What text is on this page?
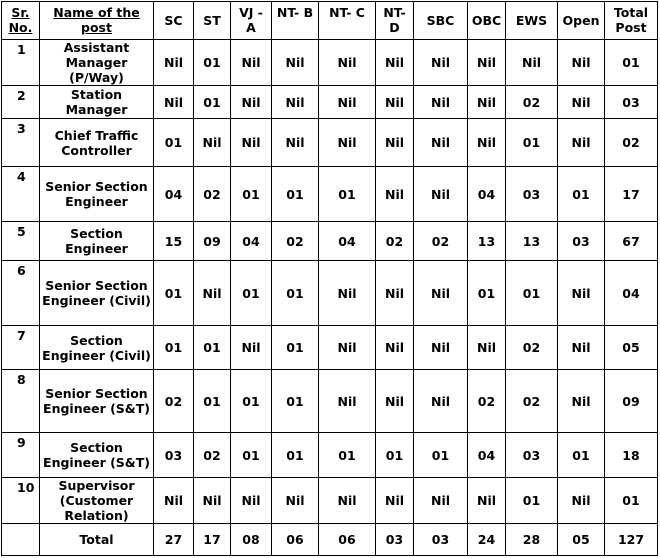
Sr. No.	Name of the post	SC	ST	VJ - A	NT- B	NT- C	NT- D	SBC	OBC	EWS	Open	Total Post
1	Assistant Manager (P/Way)	Nil	01	Nil	Nil	Nil	Nil	Nil	Nil	Nil	Nil	01
2	Station Manager	Nil	01	Nil	Nil	Nil	Nil	Nil	Nil	02	Nil	03
3	Chief Traffic Controller	01	Nil	Nil	Nil	Nil	Nil	Nil	Nil	01	Nil	02
4	Senior Section Engineer	04	02	01	01	01	Nil	Nil	04	03	01	17
5	Section Engineer	15	09	04	02	04	02	02	13	13	03	67
6	Senior Section Engineer (Civil)	01	Nil	01	01	Nil	Nil	Nil	01	01	Nil	04
7	Section Engineer (Civil)	01	01	Nil	01	Nil	Nil	Nil	Nil	02	Nil	05
8	Senior Section Engineer (S&T)	02	01	01	01	Nil	Nil	Nil	02	02	Nil	09
9	Section Engineer (S&T)	03	02	01	01	01	01	01	04	03	01	18
10	Supervisor (Customer Relation)	Nil	Nil	Nil	Nil	Nil	Nil	Nil	Nil	01	Nil	01
	Total	27	17	08	06	06	03	03	24	28	05	127
